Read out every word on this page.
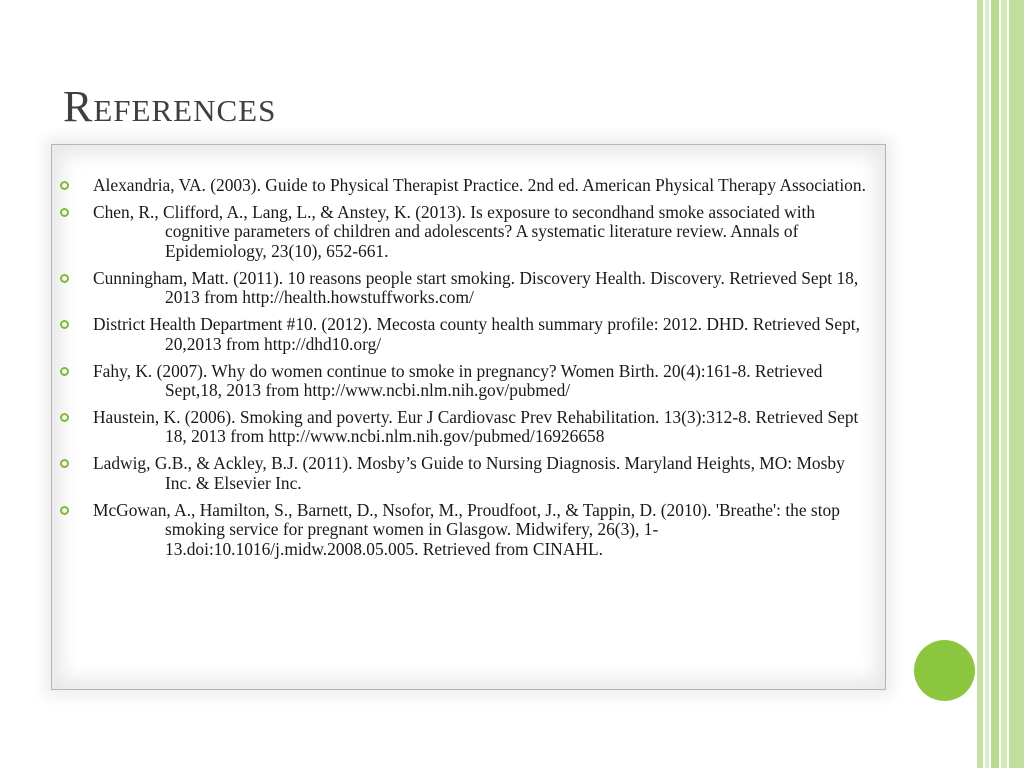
References
Alexandria, VA. (2003). Guide to Physical Therapist Practice. 2nd ed. American Physical Therapy Association.
Chen, R., Clifford, A., Lang, L., & Anstey, K. (2013). Is exposure to secondhand smoke associated with cognitive parameters of children and adolescents? A systematic literature review. Annals of Epidemiology, 23(10), 652-661.
Cunningham, Matt. (2011). 10 reasons people start smoking. Discovery Health. Discovery. Retrieved Sept 18, 2013 from http://health.howstuffworks.com/
District Health Department #10. (2012). Mecosta county health summary profile: 2012. DHD. Retrieved Sept, 20,2013 from http://dhd10.org/
Fahy, K. (2007). Why do women continue to smoke in pregnancy? Women Birth. 20(4):161-8. Retrieved Sept,18, 2013 from http://www.ncbi.nlm.nih.gov/pubmed/
Haustein, K. (2006). Smoking and poverty. Eur J Cardiovasc Prev Rehabilitation. 13(3):312-8. Retrieved Sept 18, 2013 from http://www.ncbi.nlm.nih.gov/pubmed/16926658
Ladwig, G.B., & Ackley, B.J. (2011). Mosby’s Guide to Nursing Diagnosis. Maryland Heights, MO: Mosby Inc. & Elsevier Inc.
McGowan, A., Hamilton, S., Barnett, D., Nsofor, M., Proudfoot, J., & Tappin, D. (2010). 'Breathe': the stop smoking service for pregnant women in Glasgow. Midwifery, 26(3), 1-13.doi:10.1016/j.midw.2008.05.005. Retrieved from CINAHL.
